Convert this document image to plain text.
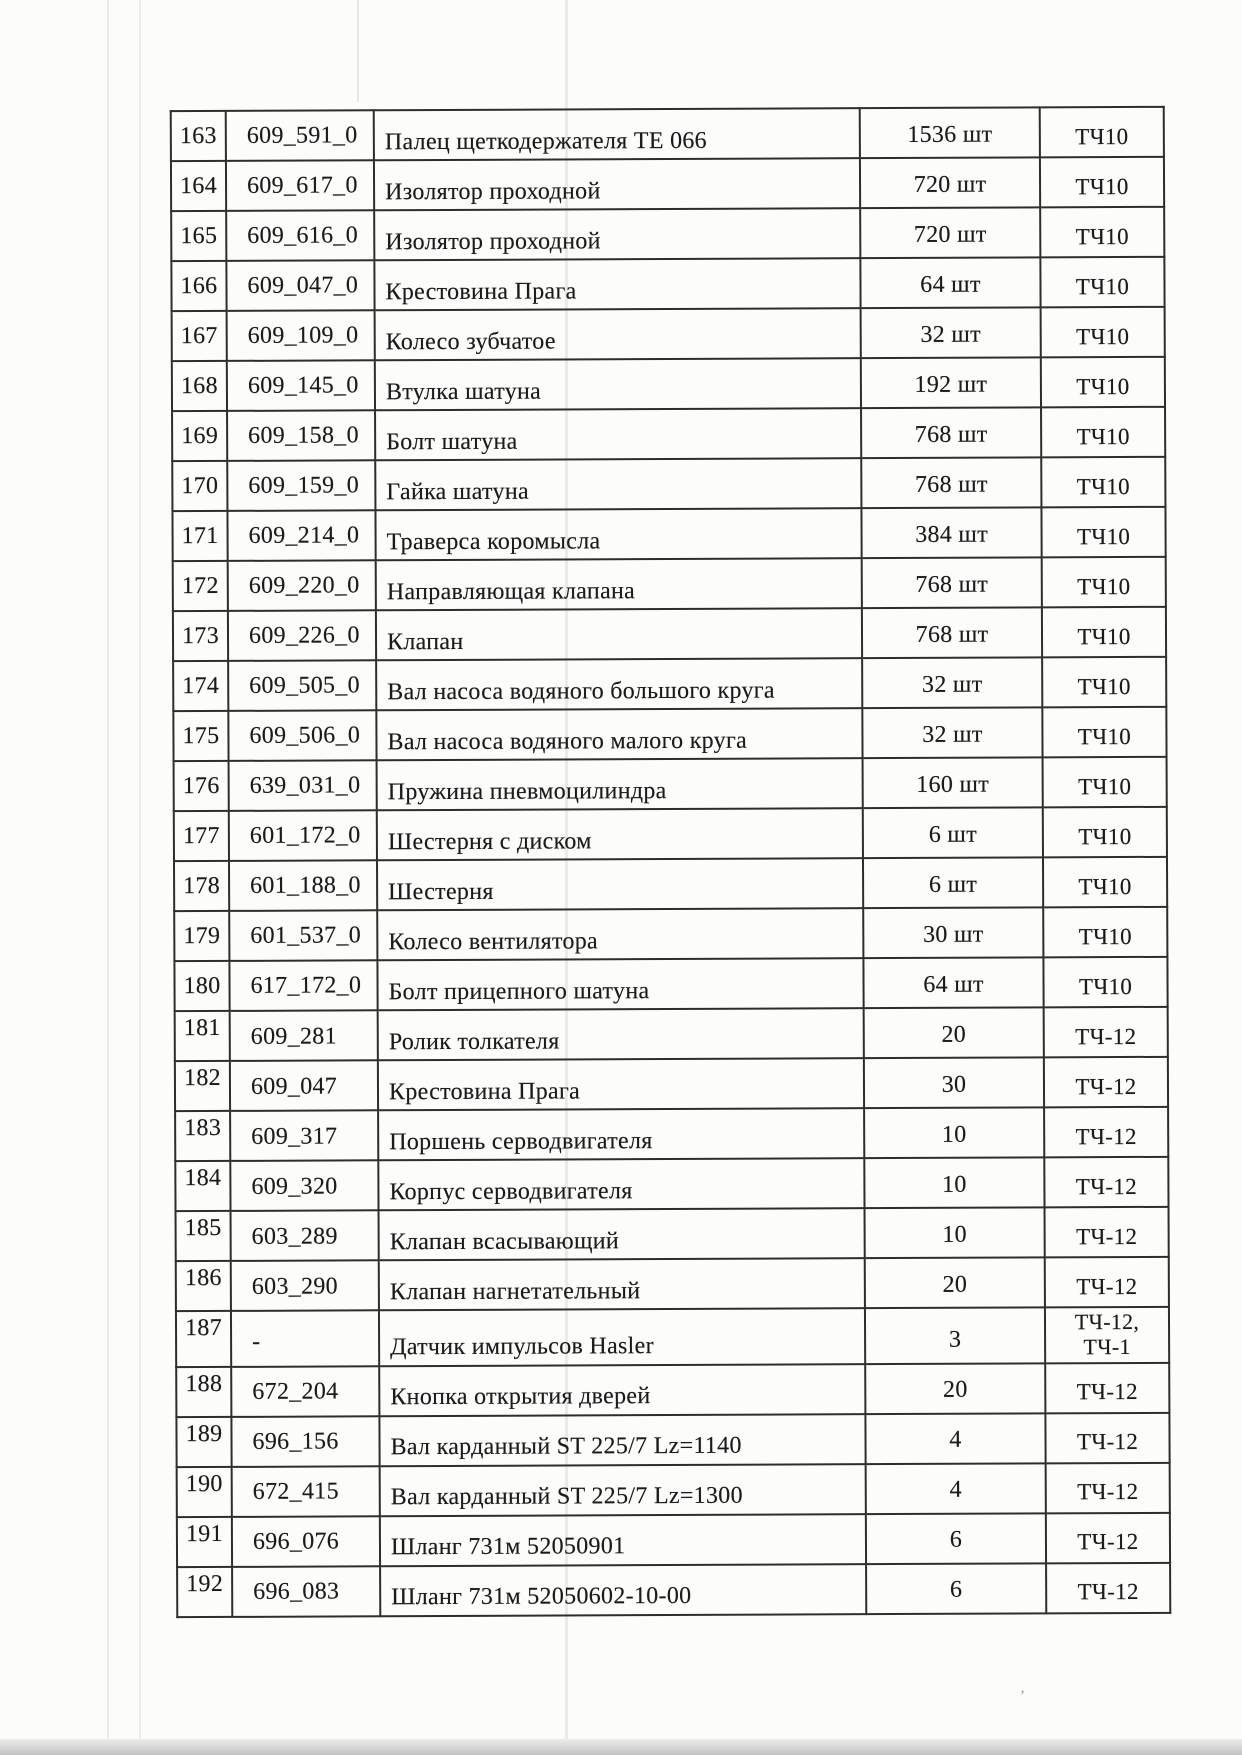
163	609_591_0	Палец щеткодержателя ТЕ 066	1536 шт	ТЧ10
164	609_617_0	Изолятор проходной	720 шт	ТЧ10
165	609_616_0	Изолятор проходной	720 шт	ТЧ10
166	609_047_0	Крестовина Прага	64 шт	ТЧ10
167	609_109_0	Колесо зубчатое	32 шт	ТЧ10
168	609_145_0	Втулка шатуна	192 шт	ТЧ10
169	609_158_0	Болт шатуна	768 шт	ТЧ10
170	609_159_0	Гайка шатуна	768 шт	ТЧ10
171	609_214_0	Траверса коромысла	384 шт	ТЧ10
172	609_220_0	Направляющая клапана	768 шт	ТЧ10
173	609_226_0	Клапан	768 шт	ТЧ10
174	609_505_0	Вал насоса водяного большого круга	32 шт	ТЧ10
175	609_506_0	Вал насоса водяного малого круга	32 шт	ТЧ10
176	639_031_0	Пружина пневмоцилиндра	160 шт	ТЧ10
177	601_172_0	Шестерня с диском	6 шт	ТЧ10
178	601_188_0	Шестерня	6 шт	ТЧ10
179	601_537_0	Колесо вентилятора	30 шт	ТЧ10
180	617_172_0	Болт прицепного шатуна	64 шт	ТЧ10
181	609_281	Ролик толкателя	20	ТЧ-12
182	609_047	Крестовина Прага	30	ТЧ-12
183	609_317	Поршень серводвигателя	10	ТЧ-12
184	609_320	Корпус серводвигателя	10	ТЧ-12
185	603_289	Клапан всасывающий	10	ТЧ-12
186	603_290	Клапан нагнетательный	20	ТЧ-12
187	-	Датчик импульсов Hasler	3	ТЧ-12,
ТЧ-1
188	672_204	Кнопка открытия дверей	20	ТЧ-12
189	696_156	Вал карданный ST 225/7 Lz=1140	4	ТЧ-12
190	672_415	Вал карданный ST 225/7 Lz=1300	4	ТЧ-12
191	696_076	Шланг 731м 52050901	6	ТЧ-12
192	696_083	Шланг 731м 52050602-10-00	6	ТЧ-12
’
